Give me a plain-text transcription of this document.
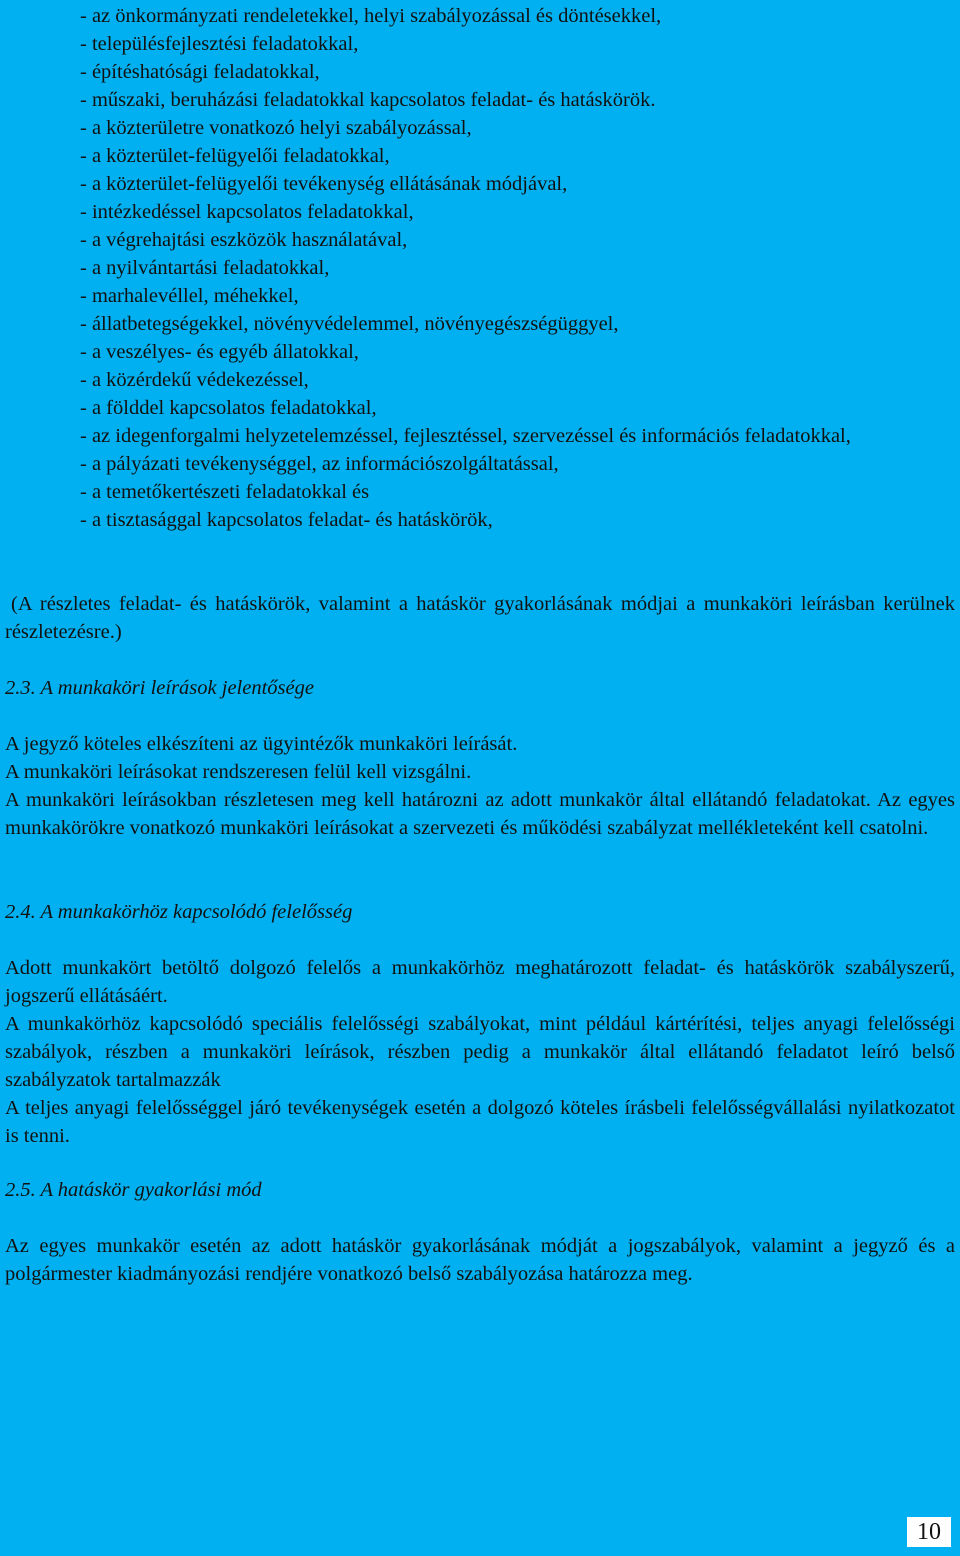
- az önkormányzati rendeletekkel, helyi szabályozással és döntésekkel,
- településfejlesztési feladatokkal,
- építéshatósági feladatokkal,
- műszaki, beruházási feladatokkal kapcsolatos feladat- és hatáskörök.
- a közterületre vonatkozó helyi szabályozással,
- a közterület-felügyelői feladatokkal,
- a közterület-felügyelői tevékenység ellátásának módjával,
- intézkedéssel kapcsolatos feladatokkal,
- a végrehajtási eszközök használatával,
- a nyilvántartási feladatokkal,
- marhalevéllel, méhekkel,
- állatbetegségekkel, növényvédelemmel, növényegészségüggyel,
- a veszélyes- és egyéb állatokkal,
- a közérdekű védekezéssel,
- a földdel kapcsolatos feladatokkal,
- az idegenforgalmi helyzetelemzéssel, fejlesztéssel, szervezéssel és információs feladatokkal,
- a pályázati tevékenységgel, az információszolgáltatással,
- a temetőkertészeti feladatokkal és
- a tisztasággal kapcsolatos feladat- és hatáskörök,

(A részletes feladat- és hatáskörök, valamint a hatáskör gyakorlásának módjai a munkaköri leírásban kerülnek részletezésre.)

2.3. A munkaköri leírások jelentősége

A jegyző köteles elkészíteni az ügyintézők munkaköri leírását.

A munkaköri leírásokat rendszeresen felül kell vizsgálni.

A munkaköri leírásokban részletesen meg kell határozni az adott munkakör által ellátandó feladatokat. Az egyes munkakörökre vonatkozó munkaköri leírásokat a szervezeti és működési szabályzat mellékleteként kell csatolni.

2.4. A munkakörhöz kapcsolódó felelősség

Adott munkakört betöltő dolgozó felelős a munkakörhöz meghatározott feladat- és hatáskörök szabályszerű, jogszerű ellátásáért.

A munkakörhöz kapcsolódó speciális felelősségi szabályokat, mint például kártérítési, teljes anyagi felelősségi szabályok, részben a munkaköri leírások, részben pedig a munkakör által ellátandó feladatot leíró belső szabályzatok tartalmazzák

A teljes anyagi felelősséggel járó tevékenységek esetén a dolgozó köteles írásbeli felelősségvállalási nyilatkozatot is tenni.

2.5. A hatáskör gyakorlási mód

Az egyes munkakör esetén az adott hatáskör gyakorlásának módját a jogszabályok, valamint a jegyző és a polgármester kiadmányozási rendjére vonatkozó belső szabályozása határozza meg.

10
